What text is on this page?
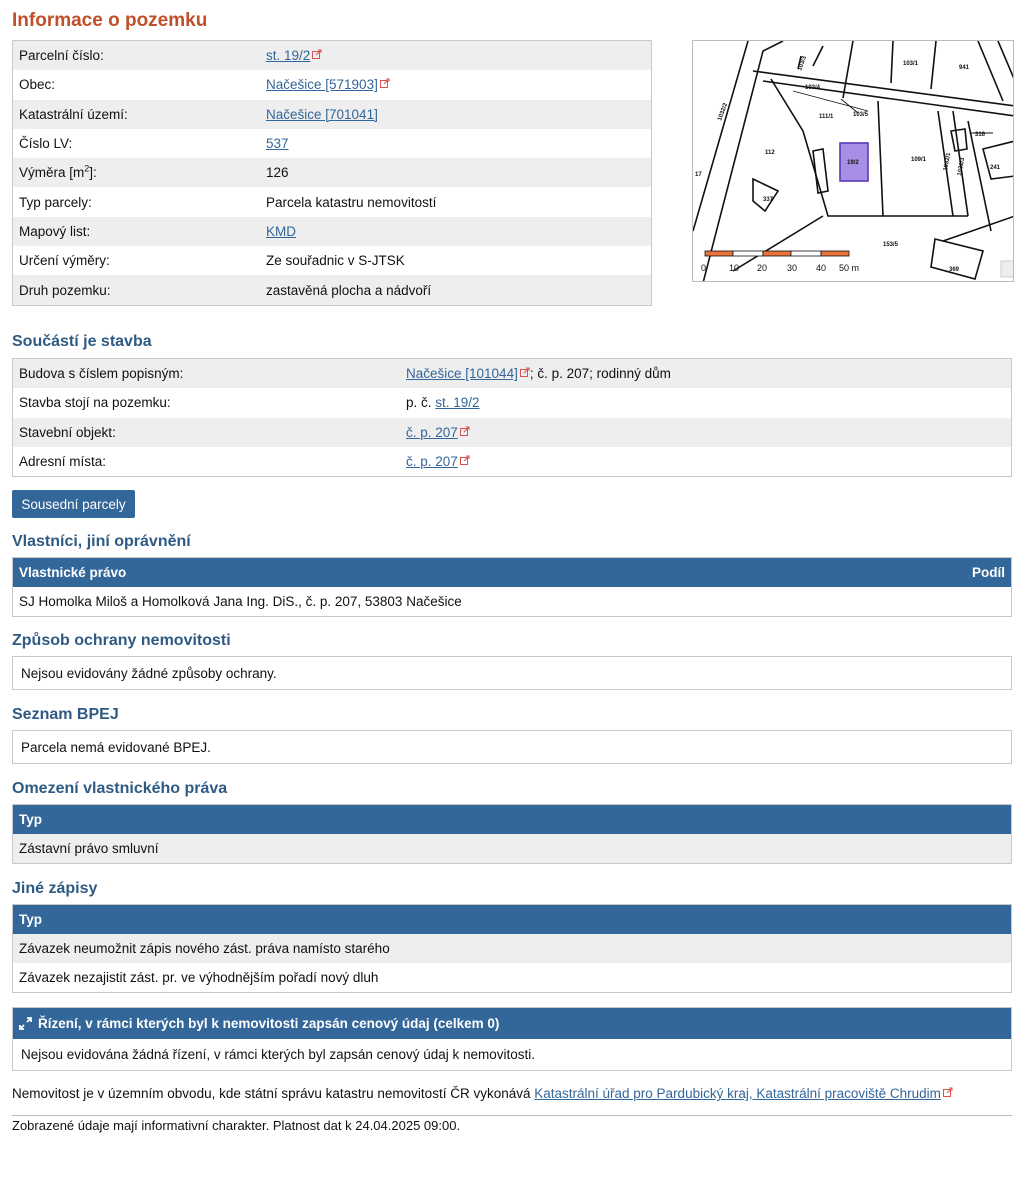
Informace o pozemku
Parcelní číslo:	st. 19/2
Obec:	Načešice [571903]
Katastrální území:	Načešice [701041]
Číslo LV:	537
Výměra $[m^2]$:	126
Typ parcely:	Parcela katastru nemovitostí
Mapový list:	KMD
Určení výměry:	Ze souřadnic v S-JTSK
Druh pozemku:	zastavěná plocha a nádvoří
103/3
103/4
103/1
941
1032/2
112
111/1	103/5
19/2	109/1
316
241
337
153/5
369
1031/3
1032/1
17
0	10 20 30 40 50 m
Součástí je stavba
Budova s číslem popisným:	Načešice [101044] ; č. p. 207; rodinný dům
Stavba stojí na pozemku:	p. č. st. 19/2
Stavební objekt:	č. p. 207
Adresní místa:	č. p. 207
Sousední parcely
Vlastníci, jiní oprávnění
Vlastnické právo	Podíl
SJ Homolka Miloš a Homolková Jana Ing. DiS., č. p. 207, 53803 Načešice
Způsob ochrany nemovitosti
Nejsou evidovány žádné způsoby ochrany.
Seznam BPEJ
Parcela nemá evidované BPEJ.
Omezení vlastnického práva
Typ
Zástavní právo smluvní
Jiné zápisy
Typ
Závazek neumožnit zápis nového zást. práva namísto starého
Závazek nezajistit zást. pr. ve výhodnějším pořadí nový dluh
Řízení, v rámci kterých byl k nemovitosti zapsán cenový údaj (celkem 0)
Nejsou evidována žádná řízení, v rámci kterých byl zapsán cenový údaj k nemovitosti.
Nemovitost je v územním obvodu, kde státní správu katastru nemovitostí ČR vykonává Katastrální úřad pro Pardubický kraj, Katastrální pracoviště Chrudim
Zobrazené údaje mají informativní charakter. Platnost dat k 24.04.2025 09:00.
